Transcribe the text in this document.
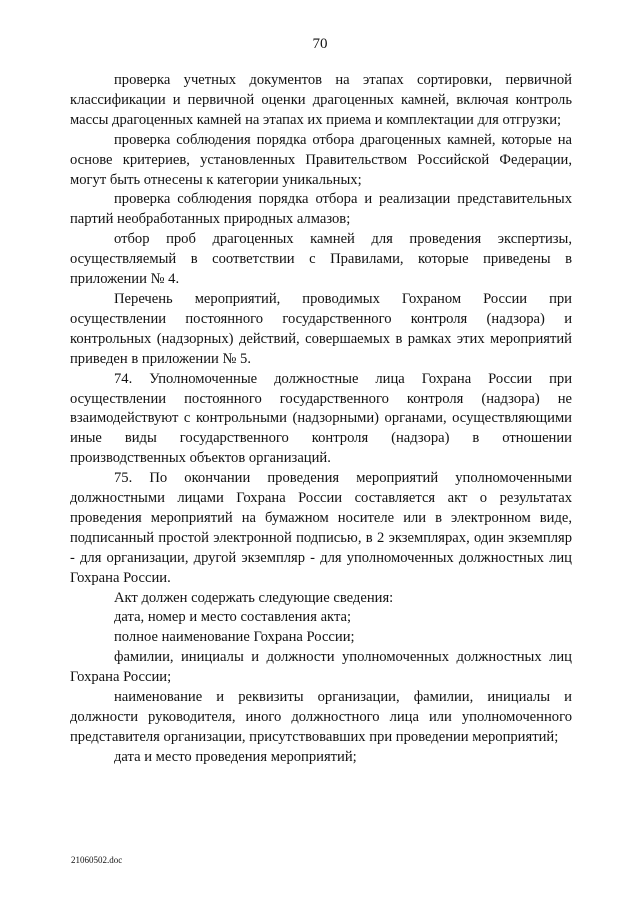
70

проверка учетных документов на этапах сортировки, первичной классификации и первичной оценки драгоценных камней, включая контроль массы драгоценных камней на этапах их приема и комплектации для отгрузки;

проверка соблюдения порядка отбора драгоценных камней, которые на основе критериев, установленных Правительством Российской Федерации, могут быть отнесены к категории уникальных;

проверка соблюдения порядка отбора и реализации представительных партий необработанных природных алмазов;

отбор проб драгоценных камней для проведения экспертизы, осуществляемый в соответствии с Правилами, которые приведены в приложении № 4.

Перечень мероприятий, проводимых Гохраном России при осуществлении постоянного государственного контроля (надзора) и контрольных (надзорных) действий, совершаемых в рамках этих мероприятий приведен в приложении № 5.

74. Уполномоченные должностные лица Гохрана России при осуществлении постоянного государственного контроля (надзора) не взаимодействуют с контрольными (надзорными) органами, осуществляющими иные виды государственного контроля (надзора) в отношении производственных объектов организаций.

75. По окончании проведения мероприятий уполномоченными должностными лицами Гохрана России составляется акт о результатах проведения мероприятий на бумажном носителе или в электронном виде, подписанный простой электронной подписью, в 2 экземплярах, один экземпляр - для организации, другой экземпляр - для уполномоченных должностных лиц Гохрана России.

Акт должен содержать следующие сведения:

дата, номер и место составления акта;

полное наименование Гохрана России;

фамилии, инициалы и должности уполномоченных должностных лиц Гохрана России;

наименование и реквизиты организации, фамилии, инициалы и должности руководителя, иного должностного лица или уполномоченного представителя организации, присутствовавших при проведении мероприятий;

дата и место проведения мероприятий;

21060502.doc
